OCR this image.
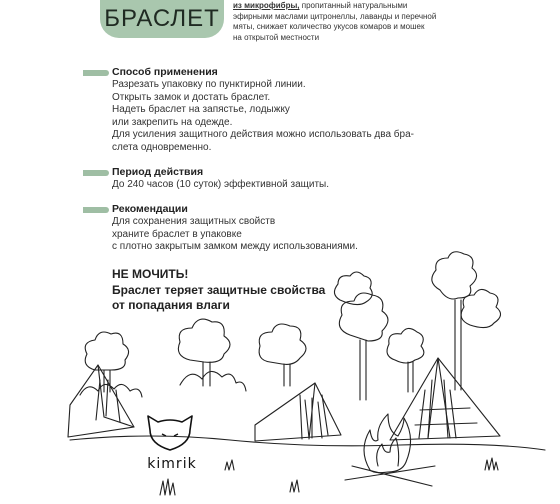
БРАСЛЕТ из микрофибры, пропитанный натуральными
эфирными маслами цитронеллы, лаванды и перечной
мяты, снижает количество укусов комаров и мошек
на открытой местности
Способ применения
Разрезать упаковку по пунктирной линии.
Открыть замок и достать браслет.
Надеть браслет на запястье, лодыжку
или закрепить на одежде.
Для усиления защитного действия можно использовать два бра-
слета одновременно.
Период действия
До 240 часов (10 суток) эффективной защиты.
Рекомендации
Для сохранения защитных свойств
храните браслет в упаковке
с плотно закрытым замком между использованиями.
НЕ МОЧИТЬ!
Браслет теряет защитные свойства
от попадания влаги
kimrik
